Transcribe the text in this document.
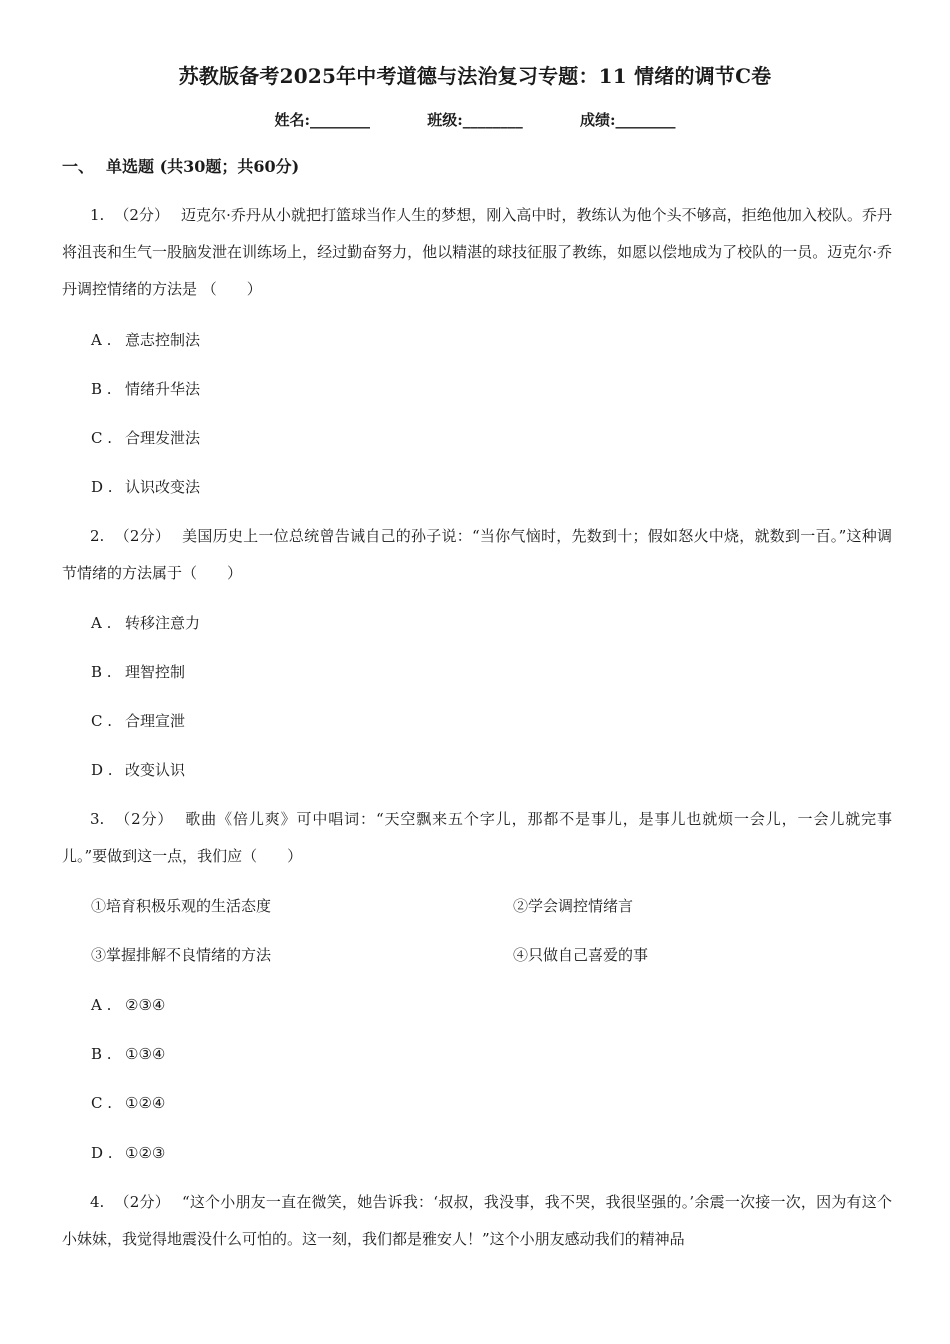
苏教版备考2025年中考道德与法治复习专题：11 情绪的调节C卷
姓名:________	班级:________	成绩:________
一、 单选题 (共30题；共60分)
1. （2分） 迈克尔·乔丹从小就把打篮球当作人生的梦想，刚入高中时，教练认为他个头不够高，拒绝他加入校队。乔丹将沮丧和生气一股脑发泄在训练场上，经过勤奋努力，他以精湛的球技征服了教练，如愿以偿地成为了校队的一员。迈克尔·乔丹调控情绪的方法是 （　　）
A . 意志控制法
B . 情绪升华法
C . 合理发泄法
D . 认识改变法
2. （2分） 美国历史上一位总统曾告诫自己的孙子说：“当你气恼时，先数到十；假如怒火中烧，就数到一百。”这种调节情绪的方法属于（　　）
A . 转移注意力
B . 理智控制
C . 合理宣泄
D . 改变认识
3. （2分） 歌曲《倍儿爽》可中唱词：“天空飘来五个字儿，那都不是事儿，是事儿也就烦一会儿，一会儿就完事儿。”要做到这一点，我们应（　　）
①培育积极乐观的生活态度	②学会调控情绪言
③掌握排解不良情绪的方法	④只做自己喜爱的事
A . ②③④
B . ①③④
C . ①②④
D . ①②③
4. （2分） “这个小朋友一直在微笑，她告诉我：‘叔叔，我没事，我不哭，我很坚强的。’余震一次接一次，因为有这个小妹妹，我觉得地震没什么可怕的。这一刻，我们都是雅安人！”这个小朋友感动我们的精神品
